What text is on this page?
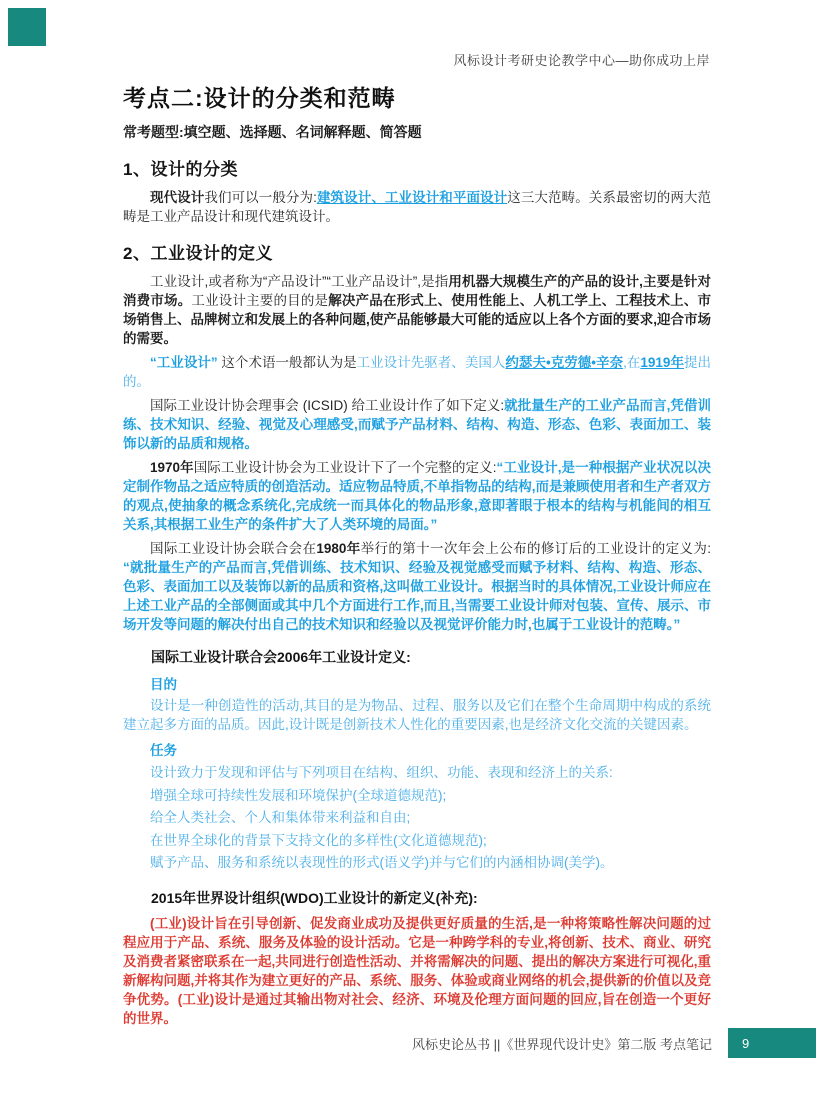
风标设计考研史论教学中心—助你成功上岸
考点二:设计的分类和范畴
常考题型:填空题、选择题、名词解释题、简答题
1、设计的分类
现代设计我们可以一般分为:建筑设计、工业设计和平面设计这三大范畴。关系最密切的两大范畴是工业产品设计和现代建筑设计。
2、工业设计的定义
工业设计,或者称为“产品设计”“工业产品设计”,是指用机器大规模生产的产品的设计,主要是针对消费市场。工业设计主要的目的是解决产品在形式上、使用性能上、人机工学上、工程技术上、市场销售上、品牌树立和发展上的各种问题,使产品能够最大可能的适应以上各个方面的要求,迎合市场的需要。
“工业设计” 这个术语一般都认为是工业设计先驱者、美国人约瑟夫•克劳德•辛奈,在1919年提出的。
国际工业设计协会理事会 (ICSID) 给工业设计作了如下定义:就批量生产的工业产品而言,凭借训练、技术知识、经验、视觉及心理感受,而赋予产品材料、结构、构造、形态、色彩、表面加工、装饰以新的品质和规格。
1970年国际工业设计协会为工业设计下了一个完整的定义:“工业设计,是一种根据产业状况以决定制作物品之适应特质的创造活动。适应物品特质,不单指物品的结构,而是兼顾使用者和生产者双方的观点,使抽象的概念系统化,完成统一而具体化的物品形象,意即著眼于根本的结构与机能间的相互关系,其根据工业生产的条件扩大了人类环境的局面。”
国际工业设计协会联合会在1980年举行的第十一次年会上公布的修订后的工业设计的定义为: “就批量生产的产品而言,凭借训练、技术知识、经验及视觉感受而赋予材料、结构、构造、形态、色彩、表面加工以及装饰以新的品质和资格,这叫做工业设计。根据当时的具体情况,工业设计师应在上述工业产品的全部侧面或其中几个方面进行工作,而且,当需要工业设计师对包装、宣传、展示、市场开发等问题的解决付出自己的技术知识和经验以及视觉评价能力时,也属于工业设计的范畴。”
国际工业设计联合会2006年工业设计定义:
目的
设计是一种创造性的活动,其目的是为物品、过程、服务以及它们在整个生命周期中构成的系统建立起多方面的品质。因此,设计既是创新技术人性化的重要因素,也是经济文化交流的关键因素。
任务
设计致力于发现和评估与下列项目在结构、组织、功能、表现和经济上的关系:
增强全球可持续性发展和环境保护(全球道德规范);
给全人类社会、个人和集体带来利益和自由;
在世界全球化的背景下支持文化的多样性(文化道德规范);
赋予产品、服务和系统以表现性的形式(语义学)并与它们的内涵相协调(美学)。
2015年世界设计组织(WDO)工业设计的新定义(补充):
(工业)设计旨在引导创新、促发商业成功及提供更好质量的生活,是一种将策略性解决问题的过程应用于产品、系统、服务及体验的设计活动。它是一种跨学科的专业,将创新、技术、商业、研究及消费者紧密联系在一起,共同进行创造性活动、并将需解决的问题、提出的解决方案进行可视化,重新解构问题,并将其作为建立更好的产品、系统、服务、体验或商业网络的机会,提供新的价值以及竞争优势。(工业)设计是通过其输出物对社会、经济、环境及伦理方面问题的回应,旨在创造一个更好的世界。
风标史论丛书 ||《世界现代设计史》第二版 考点笔记 9
